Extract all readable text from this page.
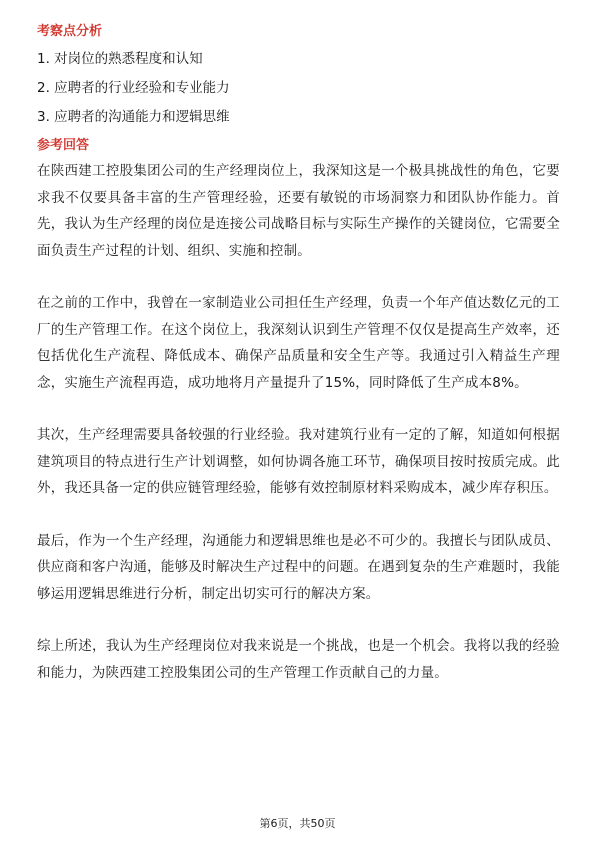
考察点分析
1. 对岗位的熟悉程度和认知
2. 应聘者的行业经验和专业能力
3. 应聘者的沟通能力和逻辑思维
参考回答

在陕西建工控股集团公司的生产经理岗位上，我深知这是一个极具挑战性的角色，它要求我不仅要具备丰富的生产管理经验，还要有敏锐的市场洞察力和团队协作能力。首先，我认为生产经理的岗位是连接公司战略目标与实际生产操作的关键岗位，它需要全面负责生产过程的计划、组织、实施和控制。

在之前的工作中，我曾在一家制造业公司担任生产经理，负责一个年产值达数亿元的工厂的生产管理工作。在这个岗位上，我深刻认识到生产管理不仅仅是提高生产效率，还包括优化生产流程、降低成本、确保产品质量和安全生产等。我通过引入精益生产理念，实施生产流程再造，成功地将月产量提升了15%，同时降低了生产成本8%。

其次，生产经理需要具备较强的行业经验。我对建筑行业有一定的了解，知道如何根据建筑项目的特点进行生产计划调整，如何协调各施工环节，确保项目按时按质完成。此外，我还具备一定的供应链管理经验，能够有效控制原材料采购成本，减少库存积压。

最后，作为一个生产经理，沟通能力和逻辑思维也是必不可少的。我擅长与团队成员、供应商和客户沟通，能够及时解决生产过程中的问题。在遇到复杂的生产难题时，我能够运用逻辑思维进行分析，制定出切实可行的解决方案。

综上所述，我认为生产经理岗位对我来说是一个挑战，也是一个机会。我将以我的经验和能力，为陕西建工控股集团公司的生产管理工作贡献自己的力量。

第6页，共50页
